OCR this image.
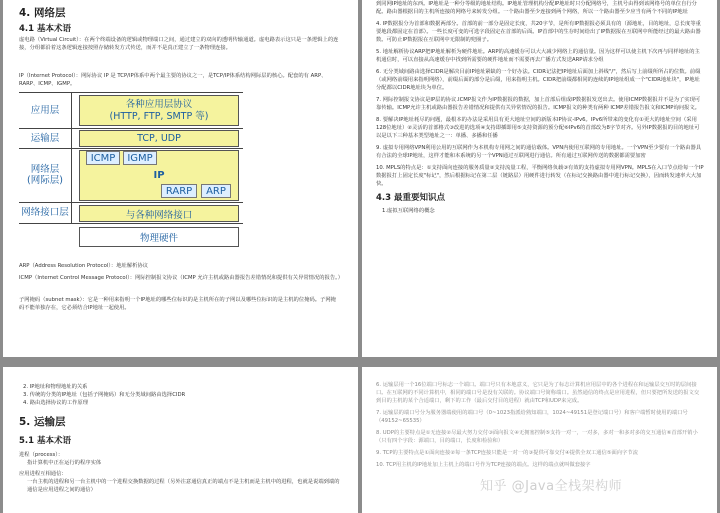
4. 网络层
4.1 基本术语

虚电路（Virtual Circuit）：在两个终端设备的逻辑或物理端口之间，通过建立的双向的透明传输通道。虚电路表示这只是一条逻辑上的连接，分组都沿着这条逻辑连接按照存储转发方式传送，而并不是真正建立了一条物理连接。

IP（Internet Protocol）：网际协议 IP 是 TCP/IP体系中两个最主要的协议之一，是TCP/IP体系结构网际层的核心。配套的有 ARP、RARP、ICMP、IGMP。

应用层
运输层
网络层
(网际层)
网络接口层
各种应用层协议
(HTTP, FTP, SMTP 等)
TCP, UDP
IP
ICMP	IGMP
RARP	ARP
与各种网络接口
物理硬件

ARP（Address Resolution Protocol）：地址解析协议

ICMP（Internet Control Message Protocol）：网际控制报文协议（ICMP 允许主机或路由器报告差错情况和提供有关异常情况的报告。）

子网掩码（subnet mask）：它是一种用来指明一个IP地址的哪些位标识的是主机所在的子网以及哪些位标识的是主机的位掩码。子网掩码不能单独存在，它必须结合IP地址一起使用。

到同网IP地址的东西。IP地址是一种分等级的地址结构。IP地址管理机构分配IP地址时只分配网络号，主机号由得到该网络号的单位自行分配。路由器根据目的主机所连接的网络号来转发分组。一个路由器至少连接到两个网络，所以一个路由器至少应当有两个不同的IP地址

4. IP数据报分为首部和数据两部分。首部的前一部分是固定长度，共20字节，是所有IP数据报必须具有的（源地址，目的地址，总长度等重要地段都固定在首部）。一些长度可变的可选字段固定在首部的后面。IP首部中的生存时间给出了IP数据报在互联网中所能经过的最大路由器数。可防止IP数据报在互联网中无限制的兜圈子。

5. 地址解析协议ARP把IP地址解析为硬件地址。ARP的高速缓存可以大大减少网络上的通信量。因为这样可以使主机下次再与同样地址的主机通信时，可以直接从高速缓存中找到所需要的硬件地址而不需要再去广播方式发送ARP请求分组

6. 无分类域间路由选择CIDR是解决目前IP地址紧缺的一个好办法。CIDR记法把IP地址后面加上斜线"/"，然后写上前缀所所占的位数。前缀（或网络前缀用来指明网络），前缀后面的部分是后缀，用来指明主机。CIDR把前缀都相同的连续的IP地址组成一个"CIDR地址块"，IP地址分配都以CIDR地址块为单位。

7. 网际控制报文协议是IP层的协议.ICMP报文作为IP数据报的数据，加上首部后组成IP数据报发送出去。使用ICMP数据报并不是为了实现可靠传输。ICMP允许主机或路由器报告差错情况和提供有关异常情况的报告。ICMP报文的种类有两种 ICMP差错报告报文和ICMP询问报文。

8. 要解决IP地址耗尽的问题，最根本的办法是采用具有更大地址空间的新版本IP协议-IPv6。IPv6所带来的变化有①更大的地址空间（采用128位地址）②灵活的首部格式③改进的选项④支持即插即用⑤支持资源的预分配⑥IPv6的首部改为8字节对齐。另外IP数据报的目的地址可以是以下三种基本类型地址之一：单播、多播和任播

9. 虚拟专用网络VPN利用公用的互联网作为本机构专用网之间的通信载体。VPN内使用互联网的专用地址。一个VPN至少要有一个路由器具有合法的全球IP地址，这样才能和本系统的另一个VPN通过互联网进行通信。所有通过互联网传送的数据都需要加密

10. MPLS的特点是：①支持面向连接的服务质量②支持流量工程，平衡网络负载③有效的支持虚拟专用网VPN。MPLS在入口节点给每一个IP数据报打上固定长度"标记"，然后根据标记在第二层（链路层）用硬件进行转发（在标记交换路由器中进行标记交换），因而转发速率大大加快。

4.3 最重要知识点

1.虚拟互联网络的概念

2. IP地址和物理地址的关系

3. 传统的分类的IP地址（包括子网掩码）和无分类域间路由选择CIDR

4. 路由选择协议的工作原理

5. 运输层
5.1 基本术语

进程（process）：

指计算机中正在运行的程序实体

应用进程互相通信：

一台主机的进程和另一台主机中的一个进程交换数据的过程（另外注意通信真正的端点不是主机而是主机中的进程，也就是说端到端的通信是应用进程之间的通信）

6. 运输层用一个16位端口号标志一个端口。端口号只有本地意义，它只是为了标志计算机应用层中的各个进程在和运输层交互时的层间接口。在互联网的不同计算机中，相同的端口号是没有关联的。协议端口号简称端口。虽然通信的终点是应用进程，但只要把所发送的报文交到目的主机的某个合适端口，剩下的工作（最后交付目的进程）就由TCP和UDP来完成。

7. 运输层的端口号分为服务器端使用的端口号（0~1023指派给熟知端口，1024~49151是登记端口号）和客户端暂时使用的端口号（49152~65535）

8. UDP的主要特点是①无连接②尽最大努力交付③面向报文④无拥塞控制⑤支持一对一，一对多，多对一和多对多的交互通信⑥首部开销小（只有四个字段：源端口，目的端口，长度和检验和）

9. TCP的主要特点是①面向连接②每一条TCP连接只能是一对一的③提供可靠交付④提供全双工通信⑤面向字节流

10. TCP用主机的IP地址加上主机上的端口号作为TCP连接的端点。这样的端点就叫做套接字

知乎 @Java全栈架构师
